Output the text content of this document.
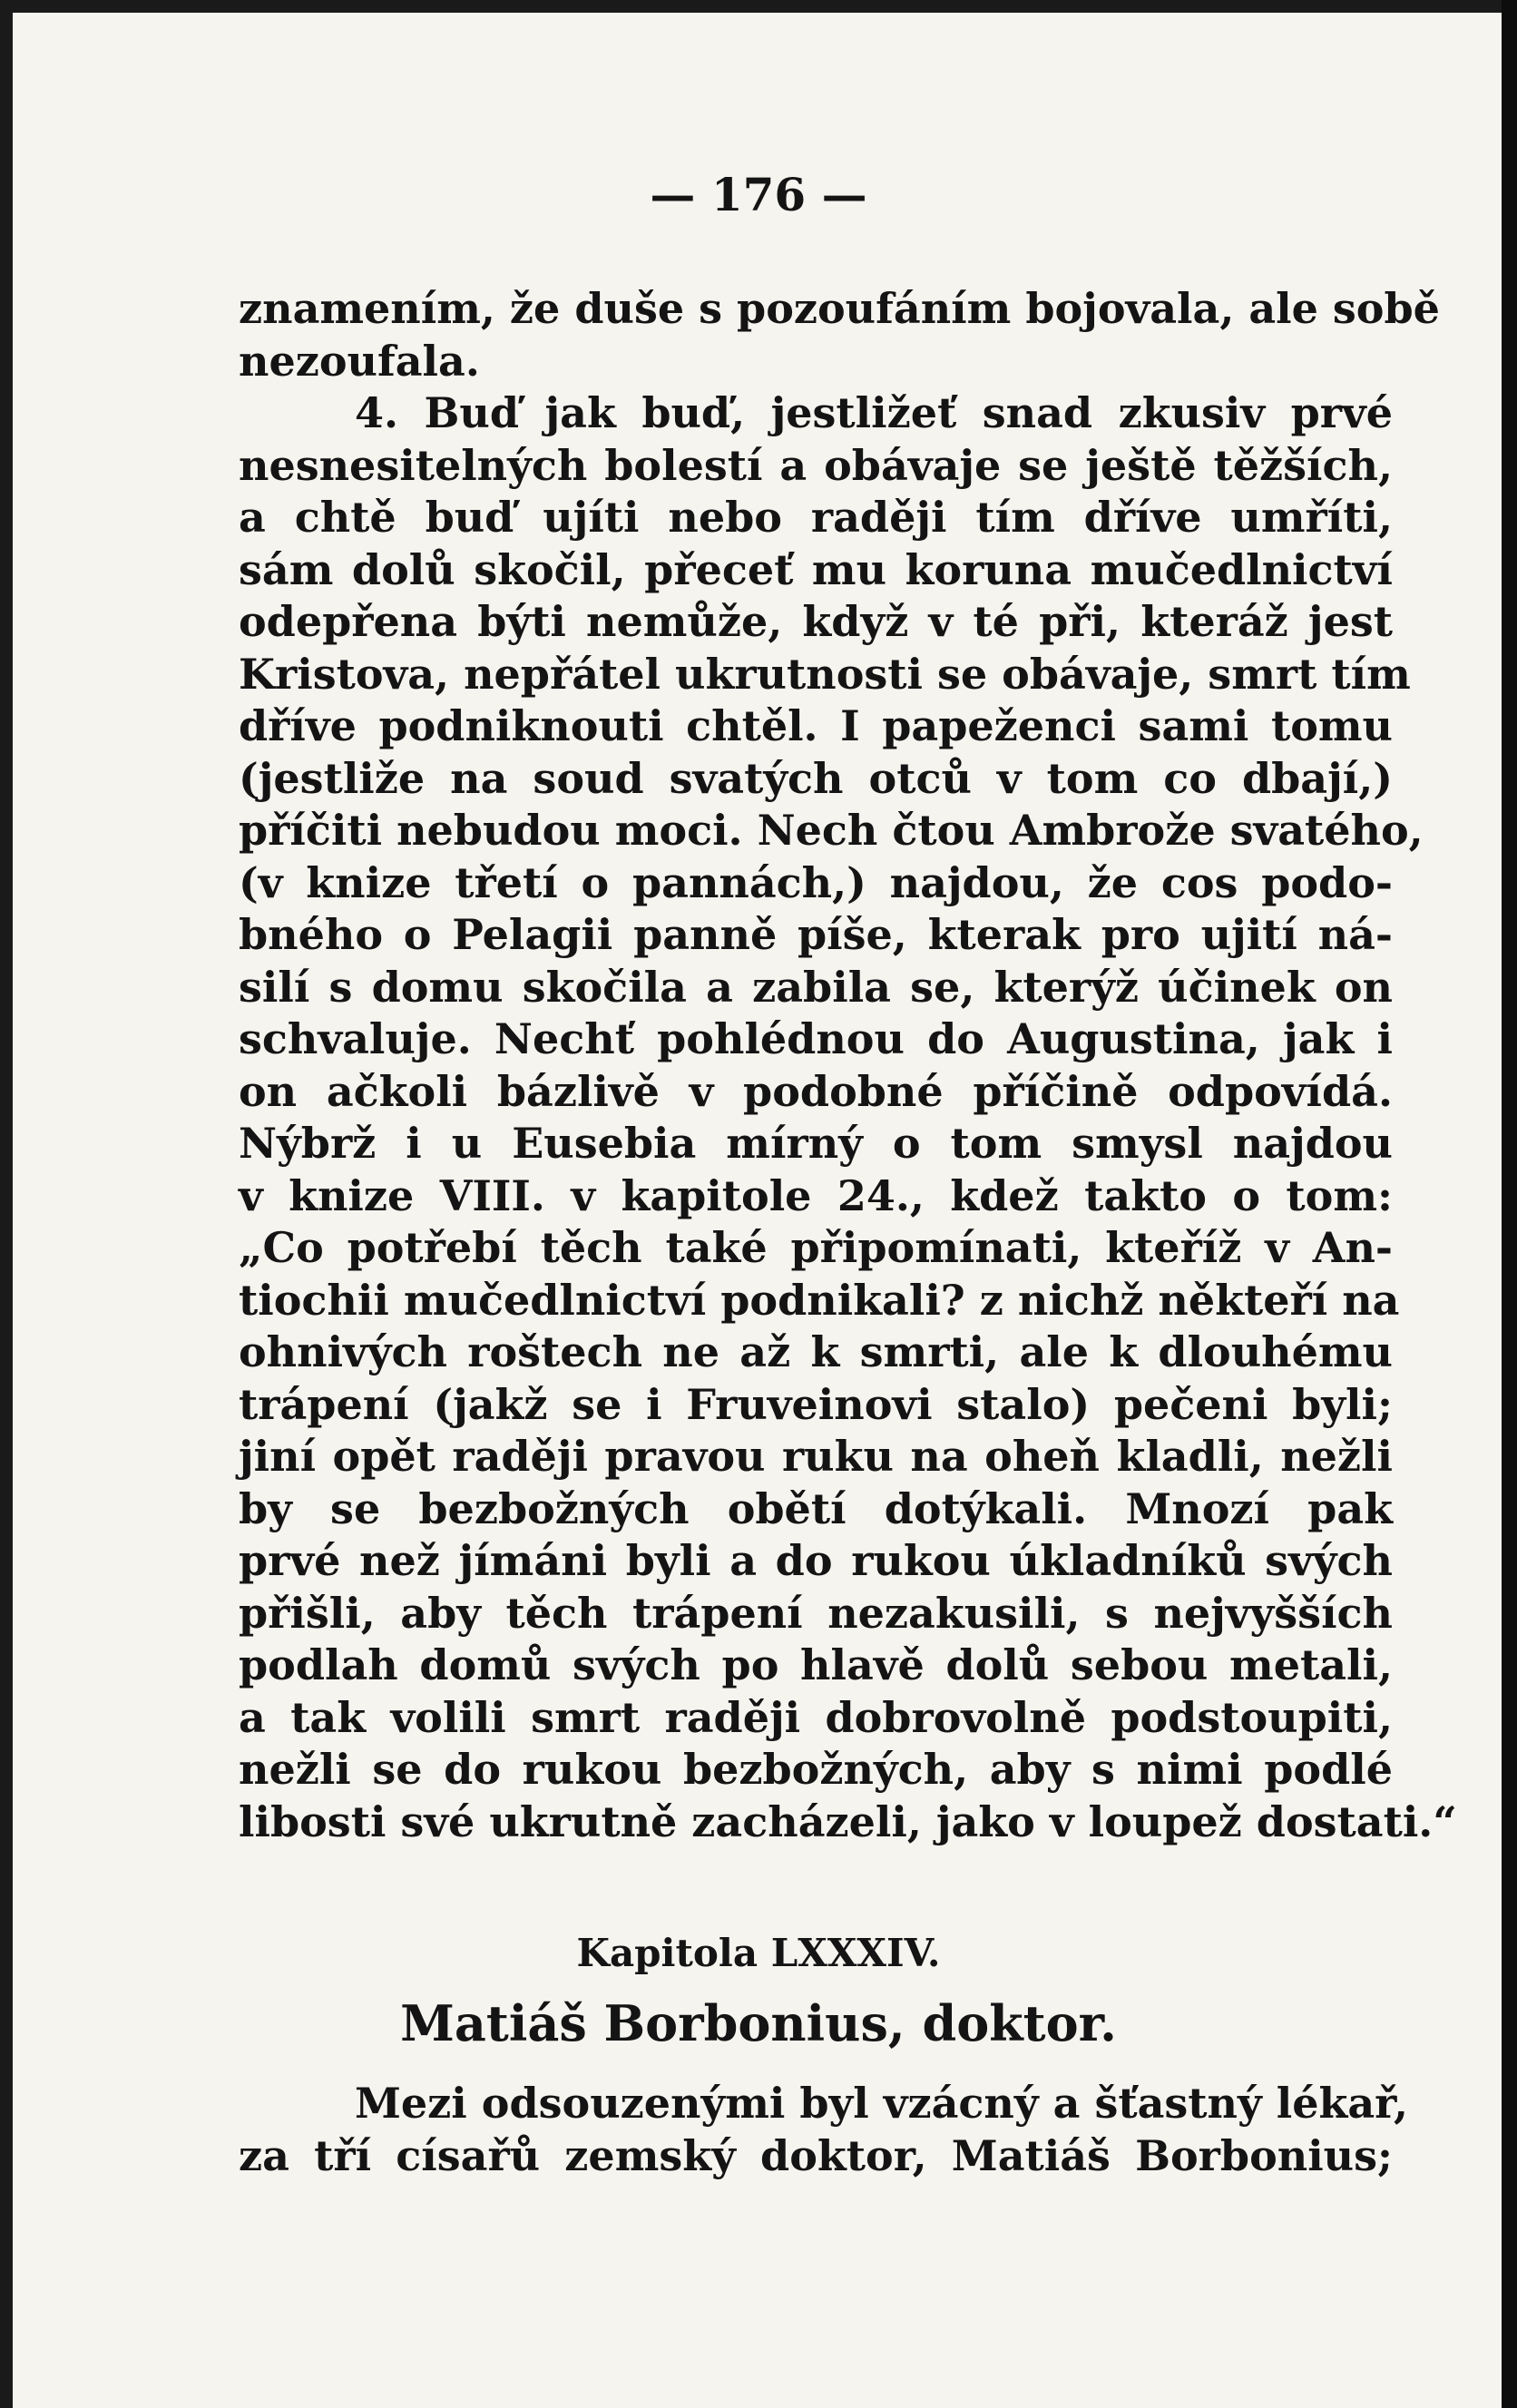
— 176 —
znamením, že duše s pozoufáním bojovala, ale sobě
nezoufala.
4. Buď jak buď, jestližeť snad zkusiv prvé
nesnesitelných bolestí a obávaje se ještě těžších,
a chtě buď ujíti nebo raději tím dříve umříti,
sám dolů skočil, přeceť mu koruna mučedlnictví
odepřena býti nemůže, když v té při, kteráž jest
Kristova, nepřátel ukrutnosti se obávaje, smrt tím
dříve podniknouti chtěl. I papeženci sami tomu
(jestliže na soud svatých otců v tom co dbají,)
příčiti nebudou moci. Nech čtou Ambrože svatého,
(v knize třetí o pannách,) najdou, že cos podo-
bného o Pelagii panně píše, kterak pro ujití ná-
silí s domu skočila a zabila se, kterýž účinek on
schvaluje. Nechť pohlédnou do Augustina, jak i
on ačkoli bázlivě v podobné příčině odpovídá.
Nýbrž i u Eusebia mírný o tom smysl najdou
v knize VIII. v kapitole 24., kdež takto o tom:
„Co potřebí těch také připomínati, kteříž v An-
tiochii mučedlnictví podnikali? z nichž někteří na
ohnivých roštech ne až k smrti, ale k dlouhému
trápení (jakž se i Fruveinovi stalo) pečeni byli;
jiní opět raději pravou ruku na oheň kladli, nežli
by se bezbožných obětí dotýkali. Mnozí pak
prvé než jímáni byli a do rukou úkladníků svých
přišli, aby těch trápení nezakusili, s nejvyšších
podlah domů svých po hlavě dolů sebou metali,
a tak volili smrt raději dobrovolně podstoupiti,
nežli se do rukou bezbožných, aby s nimi podlé
libosti své ukrutně zacházeli, jako v loupež dostati.“
Kapitola LXXXIV.
Matiáš Borbonius, doktor.
Mezi odsouzenými byl vzácný a šťastný lékař,
za tří císařů zemský doktor, Matiáš Borbonius;
